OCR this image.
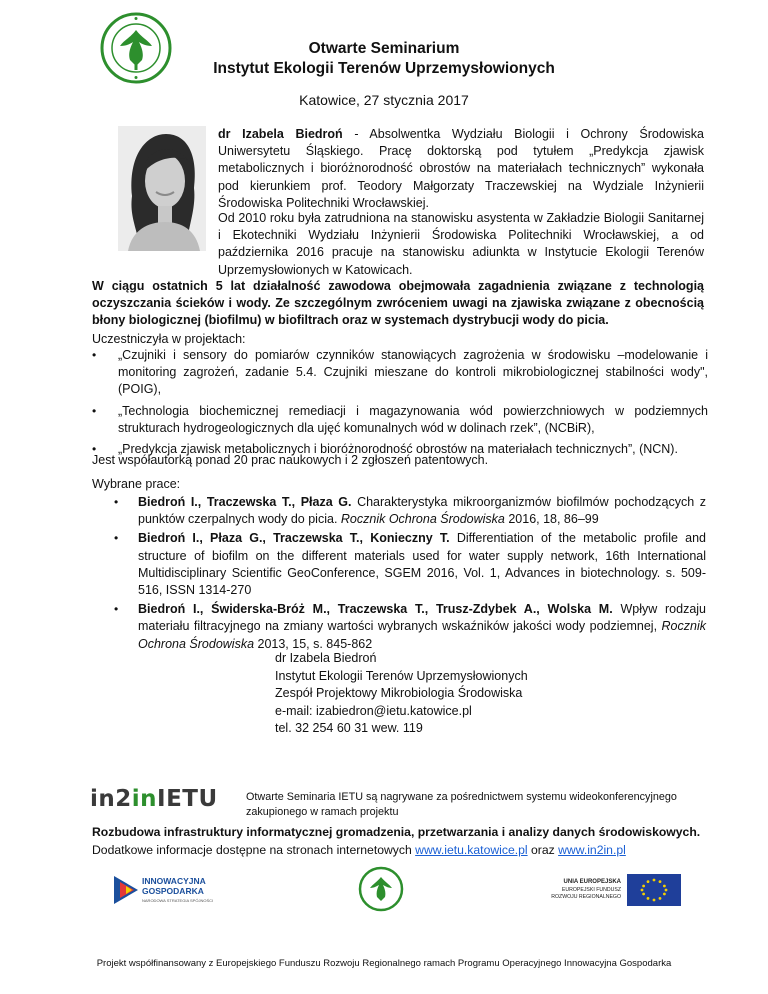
Otwarte Seminarium
Instytut Ekologii Terenów Uprzemysłowionych
Katowice, 27 stycznia 2017
dr Izabela Biedroń - Absolwentka Wydziału Biologii i Ochrony Środowiska Uniwersytetu Śląskiego. Pracę doktorską pod tytułem „Predykcja zjawisk metabolicznych i bioróżnorodność obrostów na materiałach technicznych” wykonała pod kierunkiem prof. Teodory Małgorzaty Traczewskiej na Wydziale Inżynierii Środowiska Politechniki Wrocławskiej.
Od 2010 roku była zatrudniona na stanowisku asystenta w Zakładzie Biologii Sanitarnej i Ekotechniki Wydziału Inżynierii Środowiska Politechniki Wrocławskiej, a od października 2016 pracuje na stanowisku adiunkta w Instytucie Ekologii Terenów Uprzemysłowionych w Katowicach.
W ciągu ostatnich 5 lat działalność zawodowa obejmowała zagadnienia związane z technologią oczyszczania ścieków i wody. Ze szczególnym zwróceniem uwagi na zjawiska związane z obecnością błony biologicznej (biofilmu) w biofiltrach oraz w systemach dystrybucji wody do picia.
Uczestniczyła w projektach:
• „Czujniki i sensory do pomiarów czynników stanowiących zagrożenia w środowisku –modelowanie i monitoring zagrożeń, zadanie 5.4. Czujniki mieszane do kontroli mikrobiologicznej stabilności wody", (POIG),
• „Technologia biochemicznej remediacji i magazynowania wód powierzchniowych w podziemnych strukturach hydrogeologicznych dla ujęć komunalnych wód w dolinach rzek”, (NCBiR),
• „Predykcja zjawisk metabolicznych i bioróżnorodność obrostów na materiałach technicznych”, (NCN).
Jest współautorką ponad 20 prac naukowych i 2 zgłoszeń patentowych.
Wybrane prace:
• Biedroń I., Traczewska T., Płaza G. Charakterystyka mikroorganizmów biofilmów pochodzących z punktów czerpalnych wody do picia. Rocznik Ochrona Środowiska 2016, 18, 86–99
• Biedroń I., Płaza G., Traczewska T., Konieczny T. Differentiation of the metabolic profile and structure of biofilm on the different materials used for water supply network, 16th International Multidisciplinary Scientific GeoConference, SGEM 2016, Vol. 1, Advances in biotechnology. s. 509-516, ISSN 1314-270
• Biedroń I., Świderska-Bróż M., Traczewska T., Trusz-Zdybek A., Wolska M. Wpływ rodzaju materiału filtracyjnego na zmiany wartości wybranych wskaźników jakości wody podziemnej, Rocznik Ochrona Środowiska 2013, 15, s. 845-862
dr Izabela Biedroń
Instytut Ekologii Terenów Uprzemysłowionych
Zespół Projektowy Mikrobiologia Środowiska
e-mail: izabiedron@ietu.katowice.pl
tel. 32 254 60 31 wew. 119
in2inIETU	Otwarte Seminaria IETU są nagrywane za pośrednictwem systemu wideokonferencyjnego zakupionego w ramach projektu
Rozbudowa infrastruktury informatycznej gromadzenia, przetwarzania i analizy danych środowiskowych.
Dodatkowe informacje dostępne na stronach internetowych www.ietu.katowice.pl oraz www.in2in.pl
INNOWACYJNA
GOSPODARKA
NARODOWA STRATEGIA SPÓJNOŚCI
UNIA EUROPEJSKA
EUROPEJSKI FUNDUSZ
ROZWOJU REGIONALNEGO
Projekt współfinansowany z Europejskiego Funduszu Rozwoju Regionalnego ramach Programu Operacyjnego Innowacyjna Gospodarka
